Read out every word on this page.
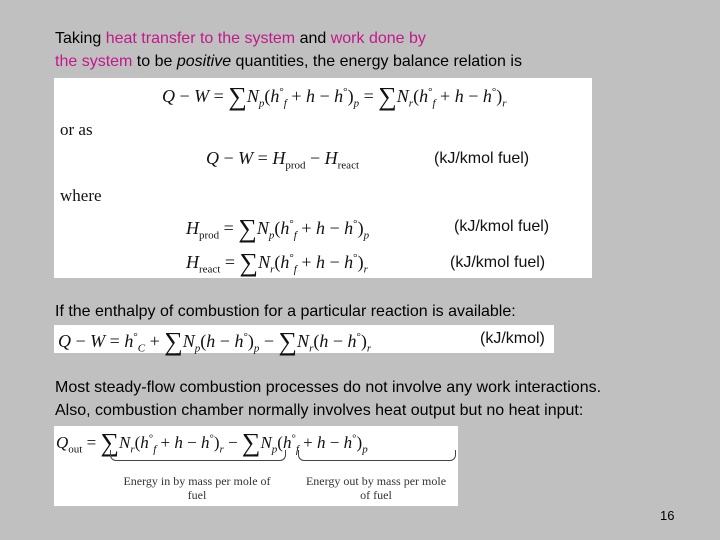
Taking heat transfer to the system and work done by
the system to be positive quantities, the energy balance relation is
$Q - W = \sum N_p(h^\circ_f + h - h^\circ)_p = \sum N_r(h^\circ_f + h - h^\circ)_r$
or as
$Q - W = H_{prod} - H_{react}$	(kJ/kmol fuel)
where
$H_{prod} = \sum N_p(h^\circ_f + h - h^\circ)_p$
(kJ/kmol fuel)
$H_{react} = \sum N_r(h^\circ_f + h - h^\circ)_r$	(kJ/kmol fuel)
If the enthalpy of combustion for a particular reaction is available:
$Q - W = h^\circ_C + \sum N_p(h - h^\circ)_p - \sum N_r(h - h^\circ)_r$
(kJ/kmol)
Most steady-flow combustion processes do not involve any work interactions.
Also, combustion chamber normally involves heat output but no heat input:
$Q_{out} = \sum N_r(h^\circ_f + h - h^\circ)_r - \sum N_p(h^\circ_f + h - h^\circ)_p$
Energy in by mass per mole of fuel
Energy out by mass per mole of fuel
16
